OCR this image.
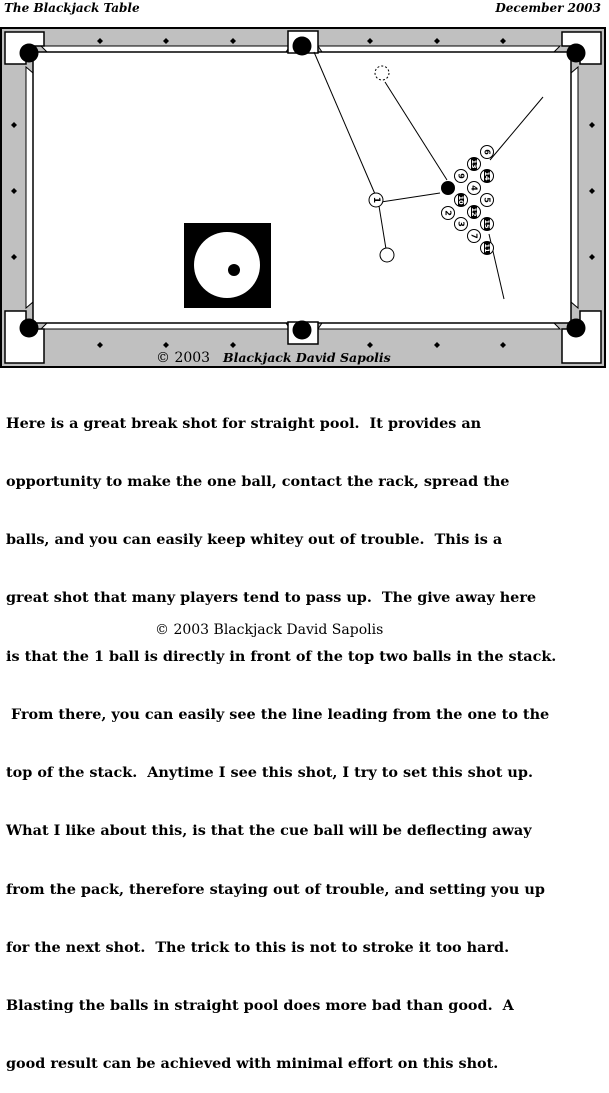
The Blackjack Table	December 2003
1
2
9
10
3
13
4
12
7
6
14
5
15
11
© 2003 Blackjack David Sapolis

Here is a great break shot for straight pool.  It provides an

opportunity to make the one ball, contact the rack, spread the

balls, and you can easily keep whitey out of trouble.  This is a

great shot that many players tend to pass up.  The give away here

is that the 1 ball is directly in front of the top two balls in the stack.

From there, you can easily see the line leading from the one to the

top of the stack.  Anytime I see this shot, I try to set this shot up.

What I like about this, is that the cue ball will be deflecting away

from the pack, therefore staying out of trouble, and setting you up

for the next shot.  The trick to this is not to stroke it too hard.

Blasting the balls in straight pool does more bad than good.  A

good result can be achieved with minimal effort on this shot.

© 2003 Blackjack David Sapolis
